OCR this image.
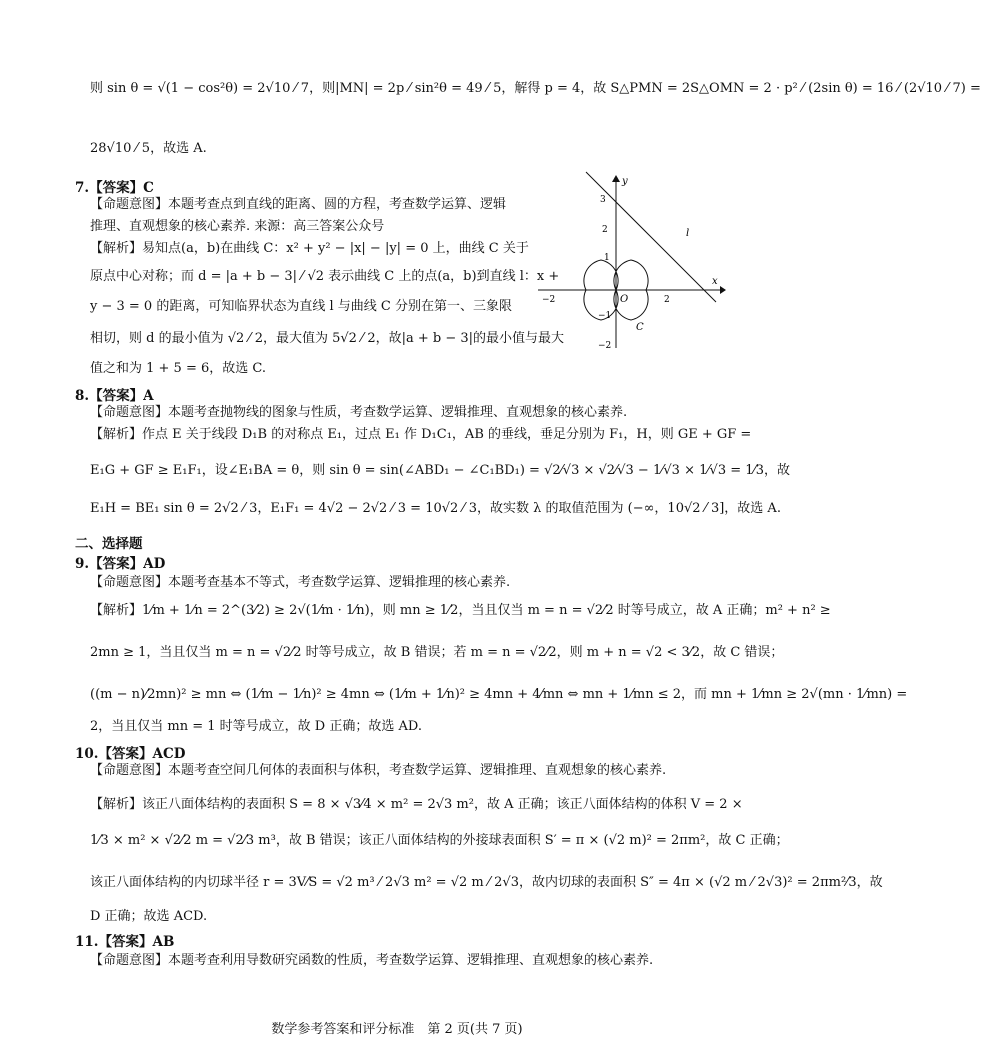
则 sin θ = √(1 − cos²θ) = 2√10 ⁄ 7，则|MN| = 2p ⁄ sin²θ = 49 ⁄ 5，解得 p = 4，故 S△PMN = 2S△OMN = 2 · p² ⁄ (2sin θ) = 16 ⁄ (2√10 ⁄ 7) =
28√10 ⁄ 5，故选 A.
7.【答案】C
【命题意图】本题考查点到直线的距离、圆的方程，考查数学运算、逻辑
推理、直观想象的核心素养. 来源：高三答案公众号
【解析】易知点(a，b)在曲线 C：x² + y² − |x| − |y| = 0 上，曲线 C 关于
原点中心对称；而 d = |a + b − 3| ⁄ √2 表示曲线 C 上的点(a，b)到直线 l：x +
y − 3 = 0 的距离，可知临界状态为直线 l 与曲线 C 分别在第一、三象限
相切，则 d 的最小值为 √2 ⁄ 2，最大值为 5√2 ⁄ 2，故|a + b − 3|的最小值与最大
值之和为 1 + 5 = 6，故选 C.
y
x
O
l
C
3
2
1
−1
−2
−2	2
8.【答案】A
【命题意图】本题考查抛物线的图象与性质，考查数学运算、逻辑推理、直观想象的核心素养.
【解析】作点 E 关于线段 D₁B 的对称点 E₁，过点 E₁ 作 D₁C₁，AB 的垂线，垂足分别为 F₁，H，则 GE + GF =
E₁G + GF ≥ E₁F₁，设∠E₁BA = θ，则 sin θ = sin(∠ABD₁ − ∠C₁BD₁) = √2⁄√3 × √2⁄√3 − 1⁄√3 × 1⁄√3 = 1⁄3，故
E₁H = BE₁ sin θ = 2√2 ⁄ 3，E₁F₁ = 4√2 − 2√2 ⁄ 3 = 10√2 ⁄ 3，故实数 λ 的取值范围为 (−∞，10√2 ⁄ 3]，故选 A.
二、选择题
9.【答案】AD
【命题意图】本题考查基本不等式，考查数学运算、逻辑推理的核心素养.
【解析】1⁄m + 1⁄n = 2^(3⁄2) ≥ 2√(1⁄m · 1⁄n)，则 mn ≥ 1⁄2，当且仅当 m = n = √2⁄2 时等号成立，故 A 正确；m² + n² ≥
2mn ≥ 1，当且仅当 m = n = √2⁄2 时等号成立，故 B 错误；若 m = n = √2⁄2，则 m + n = √2 < 3⁄2，故 C 错误；
((m − n)⁄2mn)² ≥ mn ⇔ (1⁄m − 1⁄n)² ≥ 4mn ⇔ (1⁄m + 1⁄n)² ≥ 4mn + 4⁄mn ⇔ mn + 1⁄mn ≤ 2，而 mn + 1⁄mn ≥ 2√(mn · 1⁄mn) =
2，当且仅当 mn = 1 时等号成立，故 D 正确；故选 AD.
10.【答案】ACD
【命题意图】本题考查空间几何体的表面积与体积，考查数学运算、逻辑推理、直观想象的核心素养.
【解析】该正八面体结构的表面积 S = 8 × √3⁄4 × m² = 2√3 m²，故 A 正确；该正八面体结构的体积 V = 2 ×
1⁄3 × m² × √2⁄2 m = √2⁄3 m³，故 B 错误；该正八面体结构的外接球表面积 S′ = π × (√2 m)² = 2πm²，故 C 正确；
该正八面体结构的内切球半径 r = 3V⁄S = √2 m³ ⁄ 2√3 m² = √2 m ⁄ 2√3，故内切球的表面积 S″ = 4π × (√2 m ⁄ 2√3)² = 2πm²⁄3，故
D 正确；故选 ACD.
11.【答案】AB
【命题意图】本题考查利用导数研究函数的性质，考查数学运算、逻辑推理、直观想象的核心素养.
数学参考答案和评分标准　第 2 页(共 7 页)
